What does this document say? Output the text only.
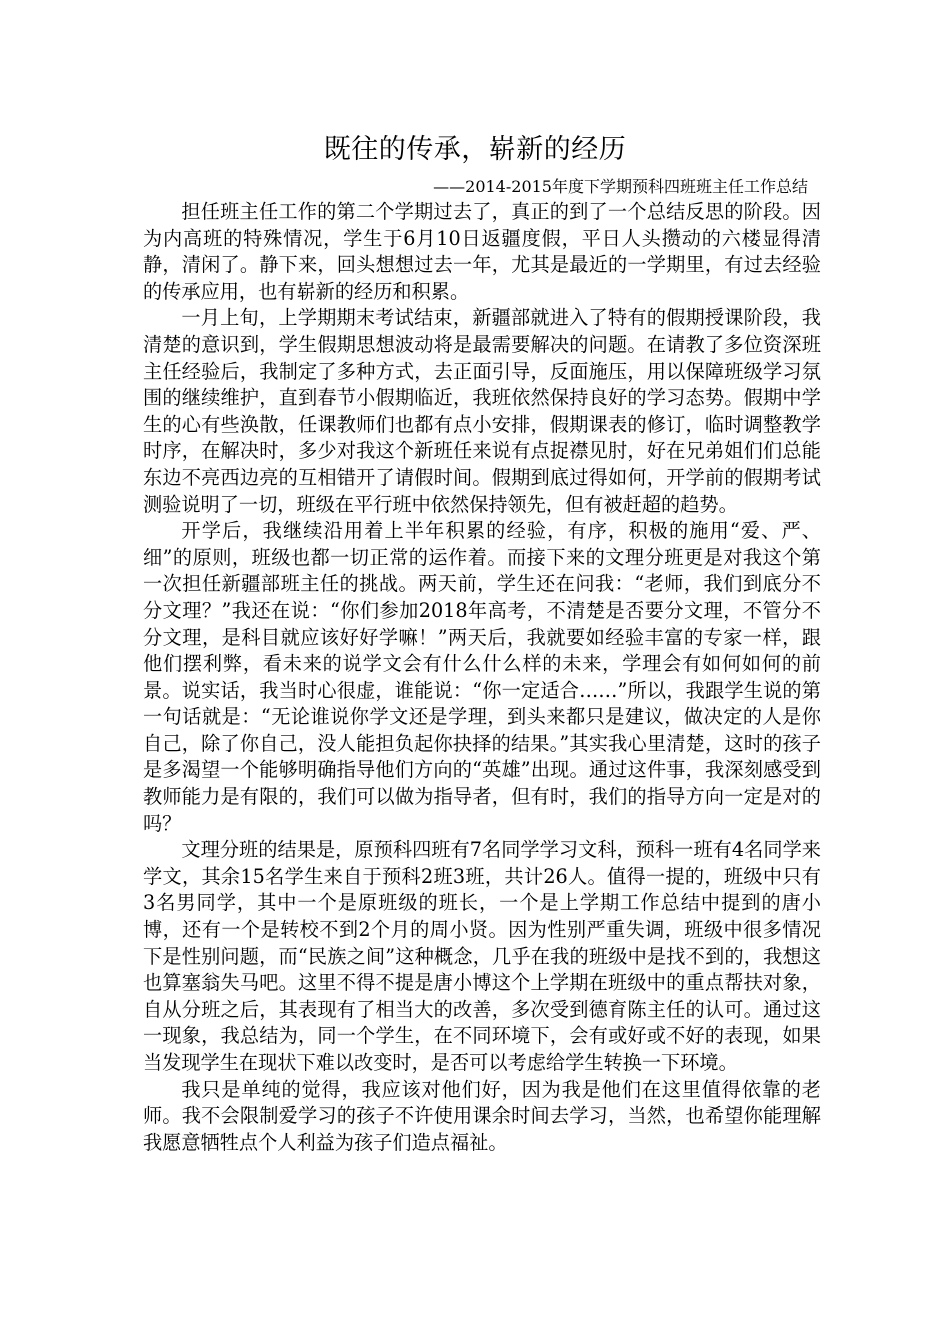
既往的传承，崭新的经历
——2014-2015年度下学期预科四班班主任工作总结

担任班主任工作的第二个学期过去了，真正的到了一个总结反思的阶段。因为内高班的特殊情况，学生于6月10日返疆度假，平日人头攒动的六楼显得清静，清闲了。静下来，回头想想过去一年，尤其是最近的一学期里，有过去经验的传承应用，也有崭新的经历和积累。

一月上旬，上学期期末考试结束，新疆部就进入了特有的假期授课阶段，我清楚的意识到，学生假期思想波动将是最需要解决的问题。在请教了多位资深班主任经验后，我制定了多种方式，去正面引导，反面施压，用以保障班级学习氛围的继续维护，直到春节小假期临近，我班依然保持良好的学习态势。假期中学生的心有些涣散，任课教师们也都有点小安排，假期课表的修订，临时调整教学时序，在解决时，多少对我这个新班任来说有点捉襟见肘，好在兄弟姐们们总能东边不亮西边亮的互相错开了请假时间。假期到底过得如何，开学前的假期考试测验说明了一切，班级在平行班中依然保持领先，但有被赶超的趋势。

开学后，我继续沿用着上半年积累的经验，有序，积极的施用“爱、严、细”的原则，班级也都一切正常的运作着。而接下来的文理分班更是对我这个第一次担任新疆部班主任的挑战。两天前，学生还在问我：“老师，我们到底分不分文理？”我还在说：“你们参加2018年高考，不清楚是否要分文理，不管分不分文理，是科目就应该好好学嘛！”两天后，我就要如经验丰富的专家一样，跟他们摆利弊，看未来的说学文会有什么什么样的未来，学理会有如何如何的前景。说实话，我当时心很虚，谁能说：“你一定适合……”所以，我跟学生说的第一句话就是：“无论谁说你学文还是学理，到头来都只是建议，做决定的人是你自己，除了你自己，没人能担负起你抉择的结果。”其实我心里清楚，这时的孩子是多渴望一个能够明确指导他们方向的“英雄”出现。通过这件事，我深刻感受到教师能力是有限的，我们可以做为指导者，但有时，我们的指导方向一定是对的吗？

文理分班的结果是，原预科四班有7名同学学习文科，预科一班有4名同学来学文，其余15名学生来自于预科2班3班，共计26人。值得一提的，班级中只有3名男同学，其中一个是原班级的班长，一个是上学期工作总结中提到的唐小博，还有一个是转校不到2个月的周小贤。因为性别严重失调，班级中很多情况下是性别问题，而“民族之间”这种概念，几乎在我的班级中是找不到的，我想这也算塞翁失马吧。这里不得不提是唐小博这个上学期在班级中的重点帮扶对象，自从分班之后，其表现有了相当大的改善，多次受到德育陈主任的认可。通过这一现象，我总结为，同一个学生，在不同环境下，会有或好或不好的表现，如果当发现学生在现状下难以改变时，是否可以考虑给学生转换一下环境。

我只是单纯的觉得，我应该对他们好，因为我是他们在这里值得依靠的老师。我不会限制爱学习的孩子不许使用课余时间去学习，当然，也希望你能理解我愿意牺牲点个人利益为孩子们造点福祉。
